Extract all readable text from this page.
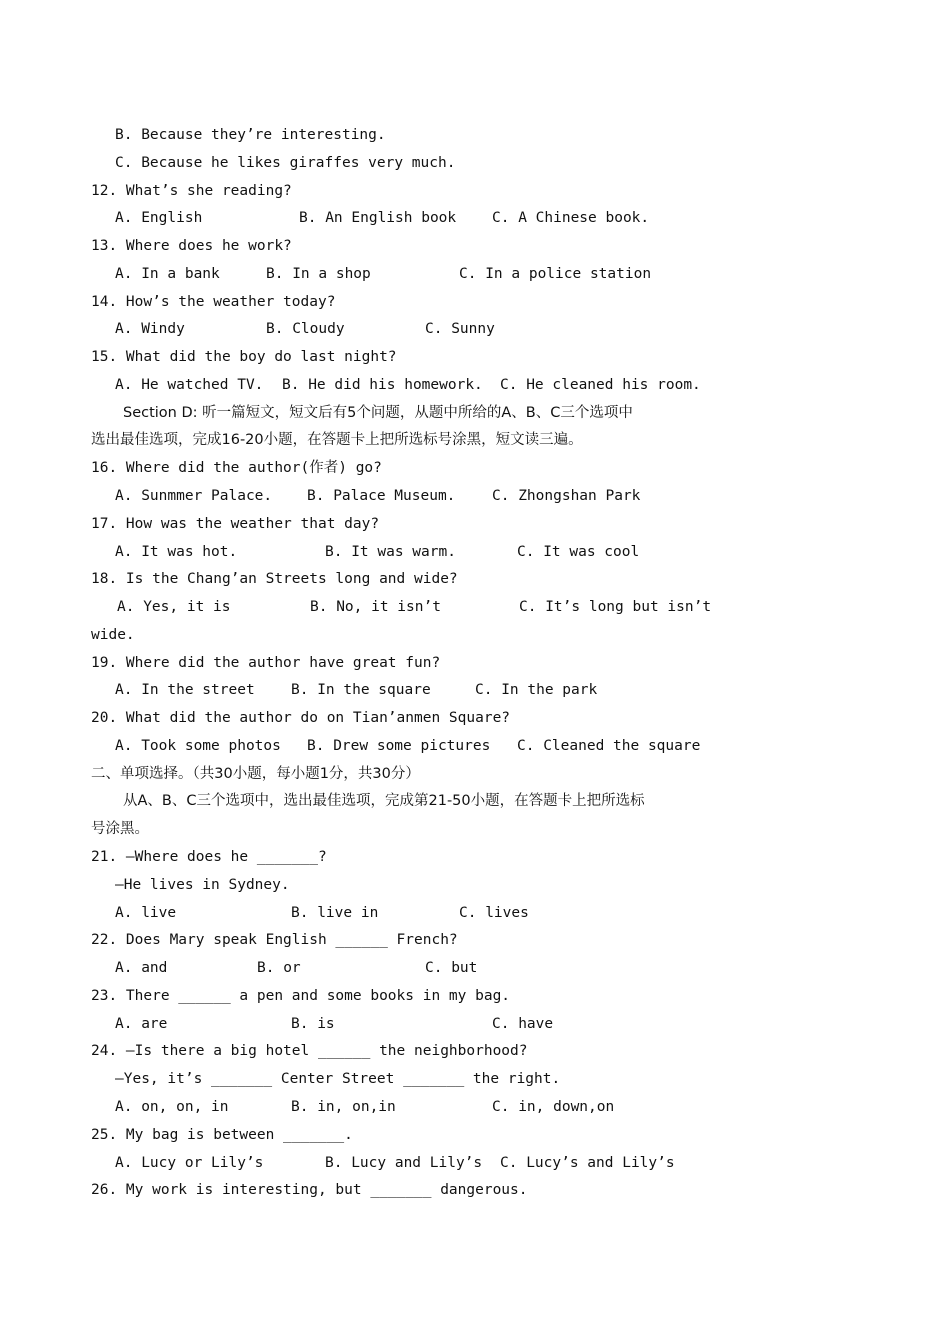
B. Because they’re interesting.
C. Because he likes giraffes very much.
12. What’s she reading?
A. English	B. An English book C. A Chinese book.
13. Where does he work?
A. In a bank	B. In a shop	C. In a police station
14. How’s the weather today?
A. Windy	B. Cloudy	C. Sunny
15. What did the boy do last night?
A. He watched TV. B. He did his homework. C. He cleaned his room.
Section D: 听一篇短文，短文后有5个问题，从题中所给的A、B、C三个选项中
选出最佳选项，完成16-20小题，在答题卡上把所选标号涂黑，短文读三遍。
16. Where did the author(作者) go?
A. Sunmmer Palace. B. Palace Museum.	C. Zhongshan Park
17. How was the weather that day?
A. It was hot.	B. It was warm.	C. It was cool
18. Is the Chang’an Streets long and wide?
A. Yes, it is	B. No, it isn’t	C. It’s long but isn’t
wide.
19. Where did the author have great fun?
A. In the street	B. In the square	C. In the park
20. What did the author do on Tian’anmen Square?
A. Took some photos B. Drew some pictures C. Cleaned the square
二、单项选择。（共30小题，每小题1分，共30分）
从A、B、C三个选项中，选出最佳选项，完成第21-50小题，在答题卡上把所选标
号涂黑。
21. —Where does he _______?
—He lives in Sydney.
A. live	B. live in	C. lives
22. Does Mary speak English ______ French?
A. and	B. or	C. but
23. There ______ a pen and some books in my bag.
A. are	B. is	C. have
24. —Is there a big hotel ______ the neighborhood?
—Yes, it’s _______ Center Street _______ the right.
A. on, on, in	B. in, on,in	C. in, down,on
25. My bag is between _______.
A. Lucy or Lily’s	B. Lucy and Lily’s C. Lucy’s and Lily’s
26. My work is interesting, but _______ dangerous.
